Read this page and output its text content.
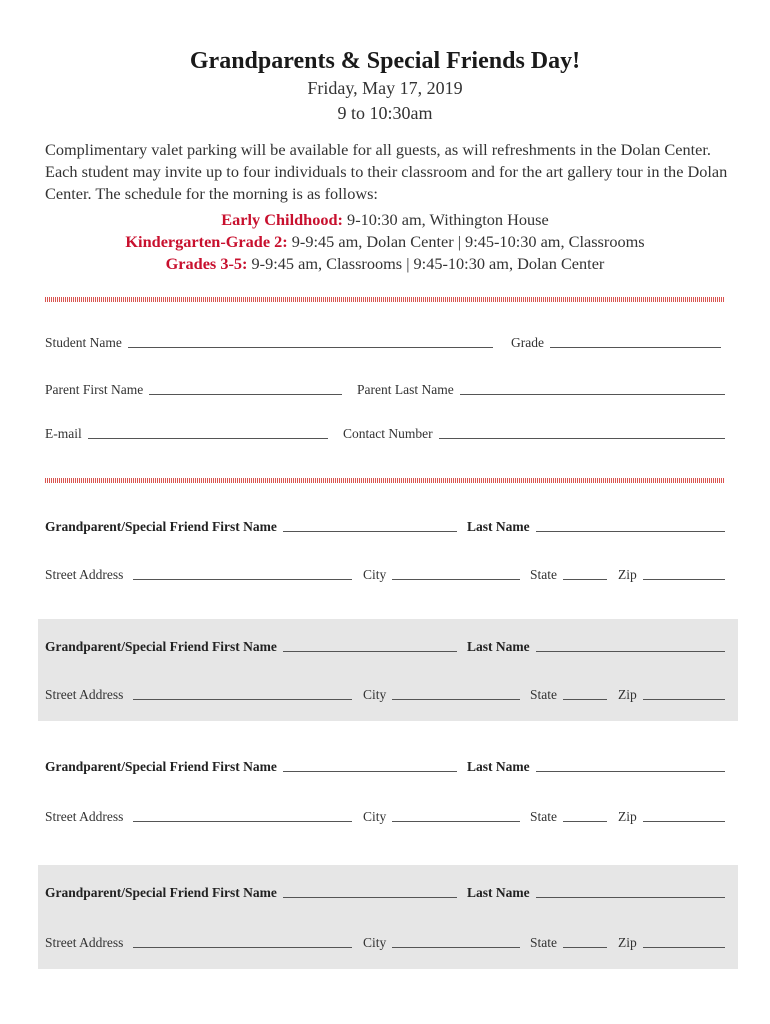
Grandparents & Special Friends Day!
Friday, May 17, 2019
9 to 10:30am
Complimentary valet parking will be available for all guests, as will refreshments in the Dolan Center. Each student may invite up to four individuals to their classroom and for the art gallery tour in the Dolan Center. The schedule for the morning is as follows:
Early Childhood: 9-10:30 am, Withington House
Kindergarten-Grade 2: 9-9:45 am, Dolan Center | 9:45-10:30 am, Classrooms
Grades 3-5: 9-9:45 am, Classrooms | 9:45-10:30 am, Dolan Center
Student Name	Grade
Parent First Name	Parent Last Name
E-mail	Contact Number
Grandparent/Special Friend First Name	Last Name
Street Address	City	State	Zip
Grandparent/Special Friend First Name	Last Name
Street Address	City	State	Zip
Grandparent/Special Friend First Name	Last Name
Street Address	City	State	Zip
Grandparent/Special Friend First Name	Last Name
Street Address	City	State	Zip
